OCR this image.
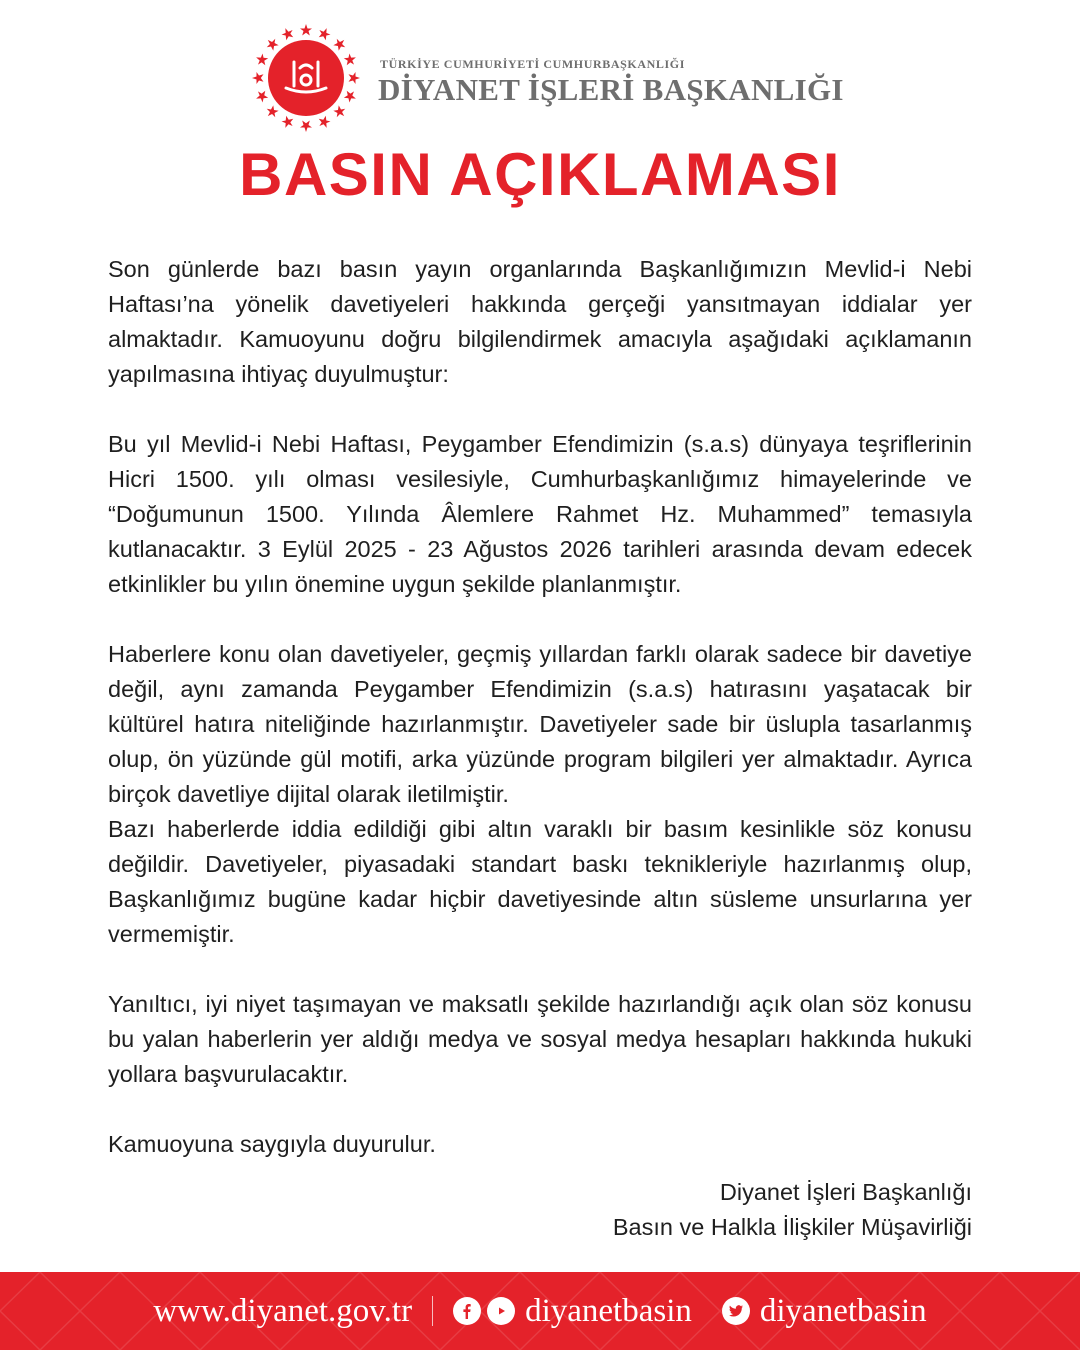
TÜRKİYE CUMHURİYETİ CUMHURBAŞKANLIĞI
DİYANET İŞLERİ BAŞKANLIĞI
BASIN AÇIKLAMASI

Son günlerde bazı basın yayın organlarında Başkanlığımızın Mevlid-i Nebi Haftası’na yönelik davetiyeleri hakkında gerçeği yansıtmayan iddialar yer almaktadır. Kamuoyunu doğru bilgilendirmek amacıyla aşağıdaki açıklamanın yapılmasına ihtiyaç duyulmuştur:

Bu yıl Mevlid-i Nebi Haftası, Peygamber Efendimizin (s.a.s) dünyaya teşriflerinin Hicri 1500. yılı olması vesilesiyle, Cumhurbaşkanlığımız himayelerinde ve “Doğumunun 1500. Yılında Âlemlere Rahmet Hz. Muhammed” temasıyla kutlanacaktır. 3 Eylül 2025 - 23 Ağustos 2026 tarihleri arasında devam edecek etkinlikler bu yılın önemine uygun şekilde planlanmıştır.

Haberlere konu olan davetiyeler, geçmiş yıllardan farklı olarak sadece bir davetiye değil, aynı zamanda Peygamber Efendimizin (s.a.s) hatırasını yaşatacak bir kültürel hatıra niteliğinde hazırlanmıştır. Davetiyeler sade bir üslupla tasarlanmış olup, ön yüzünde gül motifi, arka yüzünde program bilgileri yer almaktadır. Ayrıca birçok davetliye dijital olarak iletilmiştir.

Bazı haberlerde iddia edildiği gibi altın varaklı bir basım kesinlikle söz konusu değildir. Davetiyeler, piyasadaki standart baskı teknikleriyle hazırlanmış olup, Başkanlığımız bugüne kadar hiçbir davetiyesinde altın süsleme unsurlarına yer vermemiştir.

Yanıltıcı, iyi niyet taşımayan ve maksatlı şekilde hazırlandığı açık olan söz konusu bu yalan haberlerin yer aldığı medya ve sosyal medya hesapları hakkında hukuki yollara başvurulacaktır.

Kamuoyuna saygıyla duyurulur.

Diyanet İşleri Başkanlığı
Basın ve Halkla İlişkiler Müşavirliği
www.diyanet.gov.tr	diyanetbasin diyanetbasin
